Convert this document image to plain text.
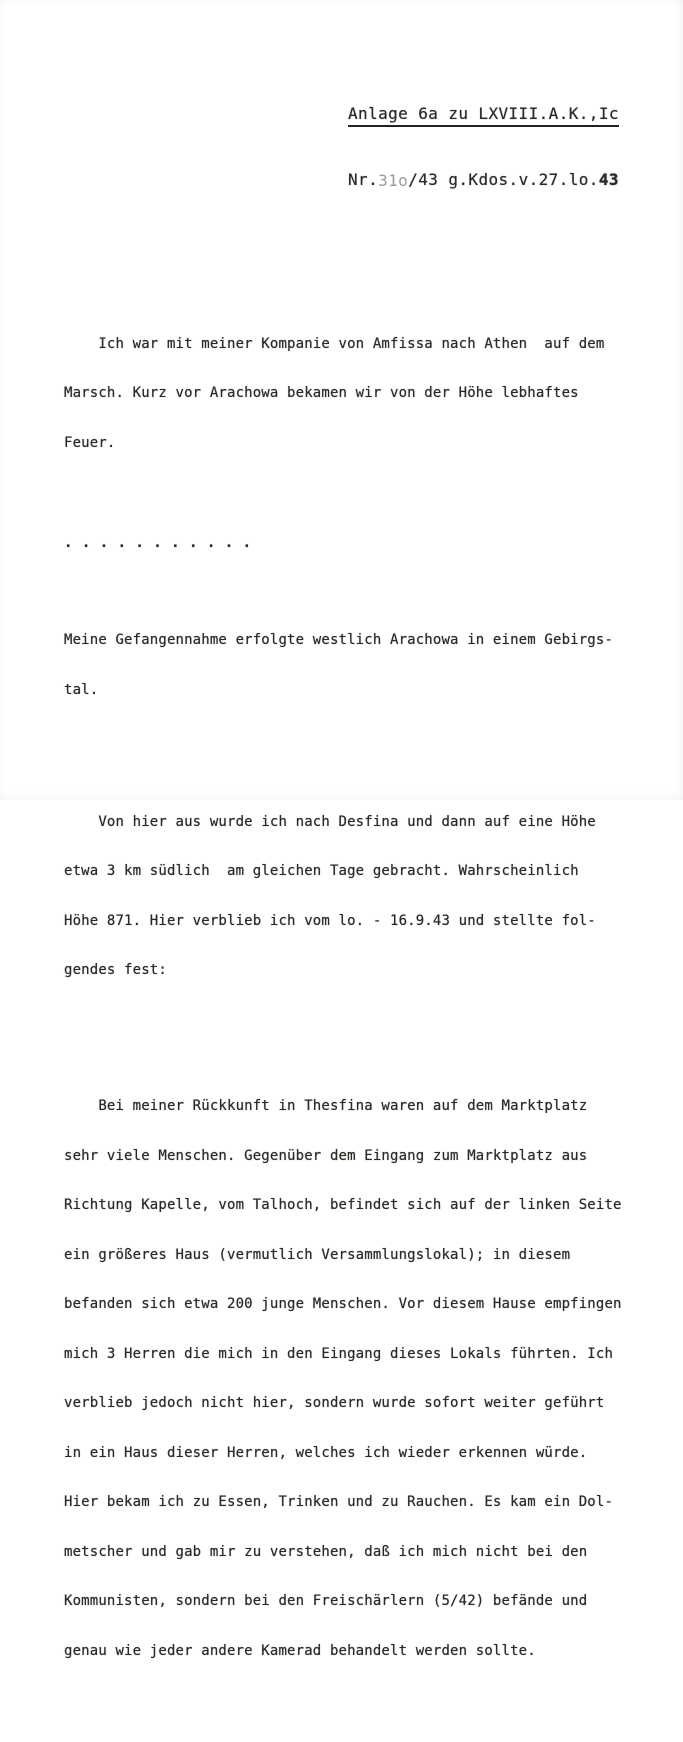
Anlage 6a zu LXVIII.A.K.,Ic

Nr.31o/43 g.Kdos.v.27.lo.43

Ich war mit meiner Kompanie von Amfissa nach Athen  auf dem

Marsch. Kurz vor Arachowa bekamen wir von der Höhe lebhaftes

Feuer.

. . . . . . . . . . .

Meine Gefangennahme erfolgte westlich Arachowa in einem Gebirgs-

tal.

Von hier aus wurde ich nach Desfina und dann auf eine Höhe

etwa 3 km südlich  am gleichen Tage gebracht. Wahrscheinlich

Höhe 871. Hier verblieb ich vom lo. - 16.9.43 und stellte fol-

gendes fest:

Bei meiner Rückkunft in Thesfina waren auf dem Marktplatz

sehr viele Menschen. Gegenüber dem Eingang zum Marktplatz aus

Richtung Kapelle, vom Talhoch, befindet sich auf der linken Seite

ein größeres Haus (vermutlich Versammlungslokal); in diesem

befanden sich etwa 200 junge Menschen. Vor diesem Hause empfingen

mich 3 Herren die mich in den Eingang dieses Lokals führten. Ich

verblieb jedoch nicht hier, sondern wurde sofort weiter geführt

in ein Haus dieser Herren, welches ich wieder erkennen würde.

Hier bekam ich zu Essen, Trinken und zu Rauchen. Es kam ein Dol-

metscher und gab mir zu verstehen, daß ich mich nicht bei den

Kommunisten, sondern bei den Freischärlern (5/42) befände und

genau wie jeder andere Kamerad behandelt werden sollte.
